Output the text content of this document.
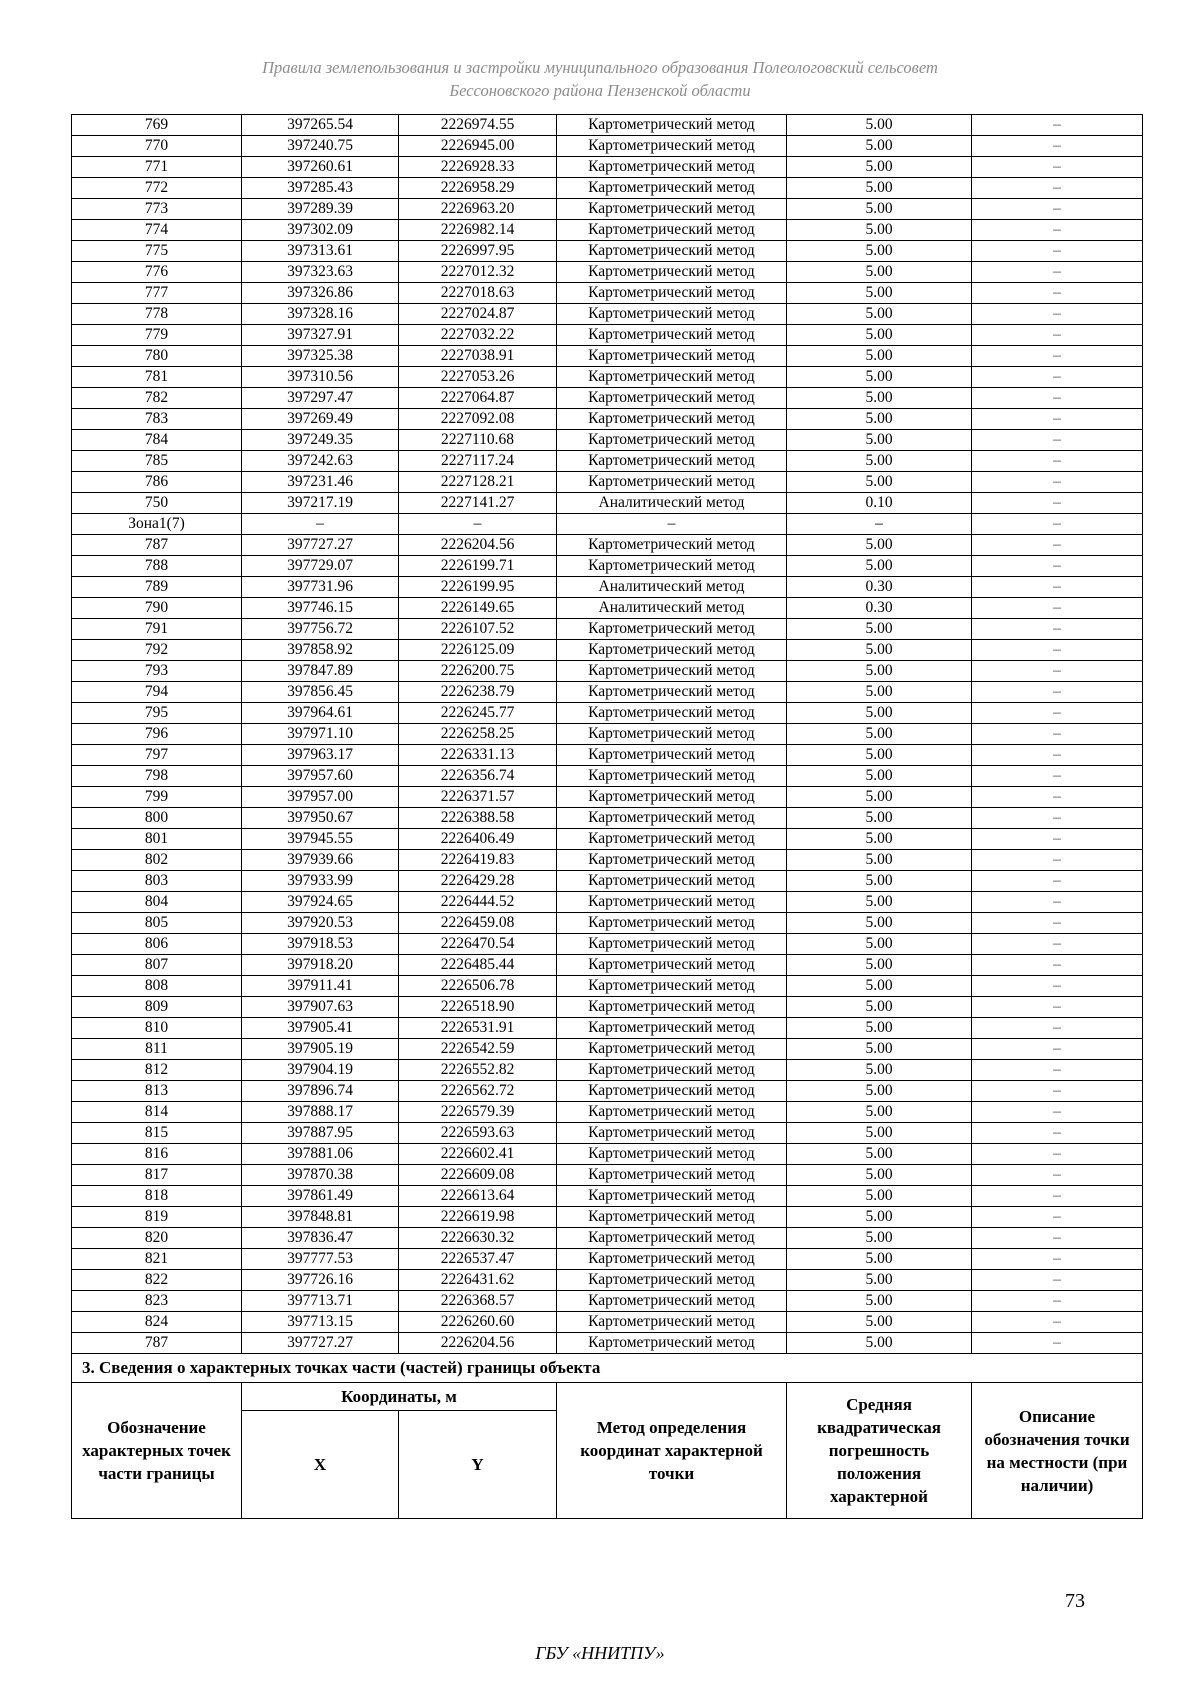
Правила землепользования и застройки муниципального образования Полеологовский сельсовет
Бессоновского района Пензенской области
769	397265.54	2226974.55	Картометрический метод	5.00	–
770	397240.75	2226945.00	Картометрический метод	5.00	–
771	397260.61	2226928.33	Картометрический метод	5.00	–
772	397285.43	2226958.29	Картометрический метод	5.00	–
773	397289.39	2226963.20	Картометрический метод	5.00	–
774	397302.09	2226982.14	Картометрический метод	5.00	–
775	397313.61	2226997.95	Картометрический метод	5.00	–
776	397323.63	2227012.32	Картометрический метод	5.00	–
777	397326.86	2227018.63	Картометрический метод	5.00	–
778	397328.16	2227024.87	Картометрический метод	5.00	–
779	397327.91	2227032.22	Картометрический метод	5.00	–
780	397325.38	2227038.91	Картометрический метод	5.00	–
781	397310.56	2227053.26	Картометрический метод	5.00	–
782	397297.47	2227064.87	Картометрический метод	5.00	–
783	397269.49	2227092.08	Картометрический метод	5.00	–
784	397249.35	2227110.68	Картометрический метод	5.00	–
785	397242.63	2227117.24	Картометрический метод	5.00	–
786	397231.46	2227128.21	Картометрический метод	5.00	–
750	397217.19	2227141.27	Аналитический метод	0.10	–
Зона1(7)	–	–	–	–	–
787	397727.27	2226204.56	Картометрический метод	5.00	–
788	397729.07	2226199.71	Картометрический метод	5.00	–
789	397731.96	2226199.95	Аналитический метод	0.30	–
790	397746.15	2226149.65	Аналитический метод	0.30	–
791	397756.72	2226107.52	Картометрический метод	5.00	–
792	397858.92	2226125.09	Картометрический метод	5.00	–
793	397847.89	2226200.75	Картометрический метод	5.00	–
794	397856.45	2226238.79	Картометрический метод	5.00	–
795	397964.61	2226245.77	Картометрический метод	5.00	–
796	397971.10	2226258.25	Картометрический метод	5.00	–
797	397963.17	2226331.13	Картометрический метод	5.00	–
798	397957.60	2226356.74	Картометрический метод	5.00	–
799	397957.00	2226371.57	Картометрический метод	5.00	–
800	397950.67	2226388.58	Картометрический метод	5.00	–
801	397945.55	2226406.49	Картометрический метод	5.00	–
802	397939.66	2226419.83	Картометрический метод	5.00	–
803	397933.99	2226429.28	Картометрический метод	5.00	–
804	397924.65	2226444.52	Картометрический метод	5.00	–
805	397920.53	2226459.08	Картометрический метод	5.00	–
806	397918.53	2226470.54	Картометрический метод	5.00	–
807	397918.20	2226485.44	Картометрический метод	5.00	–
808	397911.41	2226506.78	Картометрический метод	5.00	–
809	397907.63	2226518.90	Картометрический метод	5.00	–
810	397905.41	2226531.91	Картометрический метод	5.00	–
811	397905.19	2226542.59	Картометрический метод	5.00	–
812	397904.19	2226552.82	Картометрический метод	5.00	–
813	397896.74	2226562.72	Картометрический метод	5.00	–
814	397888.17	2226579.39	Картометрический метод	5.00	–
815	397887.95	2226593.63	Картометрический метод	5.00	–
816	397881.06	2226602.41	Картометрический метод	5.00	–
817	397870.38	2226609.08	Картометрический метод	5.00	–
818	397861.49	2226613.64	Картометрический метод	5.00	–
819	397848.81	2226619.98	Картометрический метод	5.00	–
820	397836.47	2226630.32	Картометрический метод	5.00	–
821	397777.53	2226537.47	Картометрический метод	5.00	–
822	397726.16	2226431.62	Картометрический метод	5.00	–
823	397713.71	2226368.57	Картометрический метод	5.00	–
824	397713.15	2226260.60	Картометрический метод	5.00	–
787	397727.27	2226204.56	Картометрический метод	5.00	–
3. Сведения о характерных точках части (частей) границы объекта					
Обозначение характерных точек части границы	Координаты, м		Метод определения координат характерной точки	Средняя квадратическая погрешность положения характерной	Описание обозначения точки на местности (при наличии)
	X	Y			
73
ГБУ «ННИТПУ»
